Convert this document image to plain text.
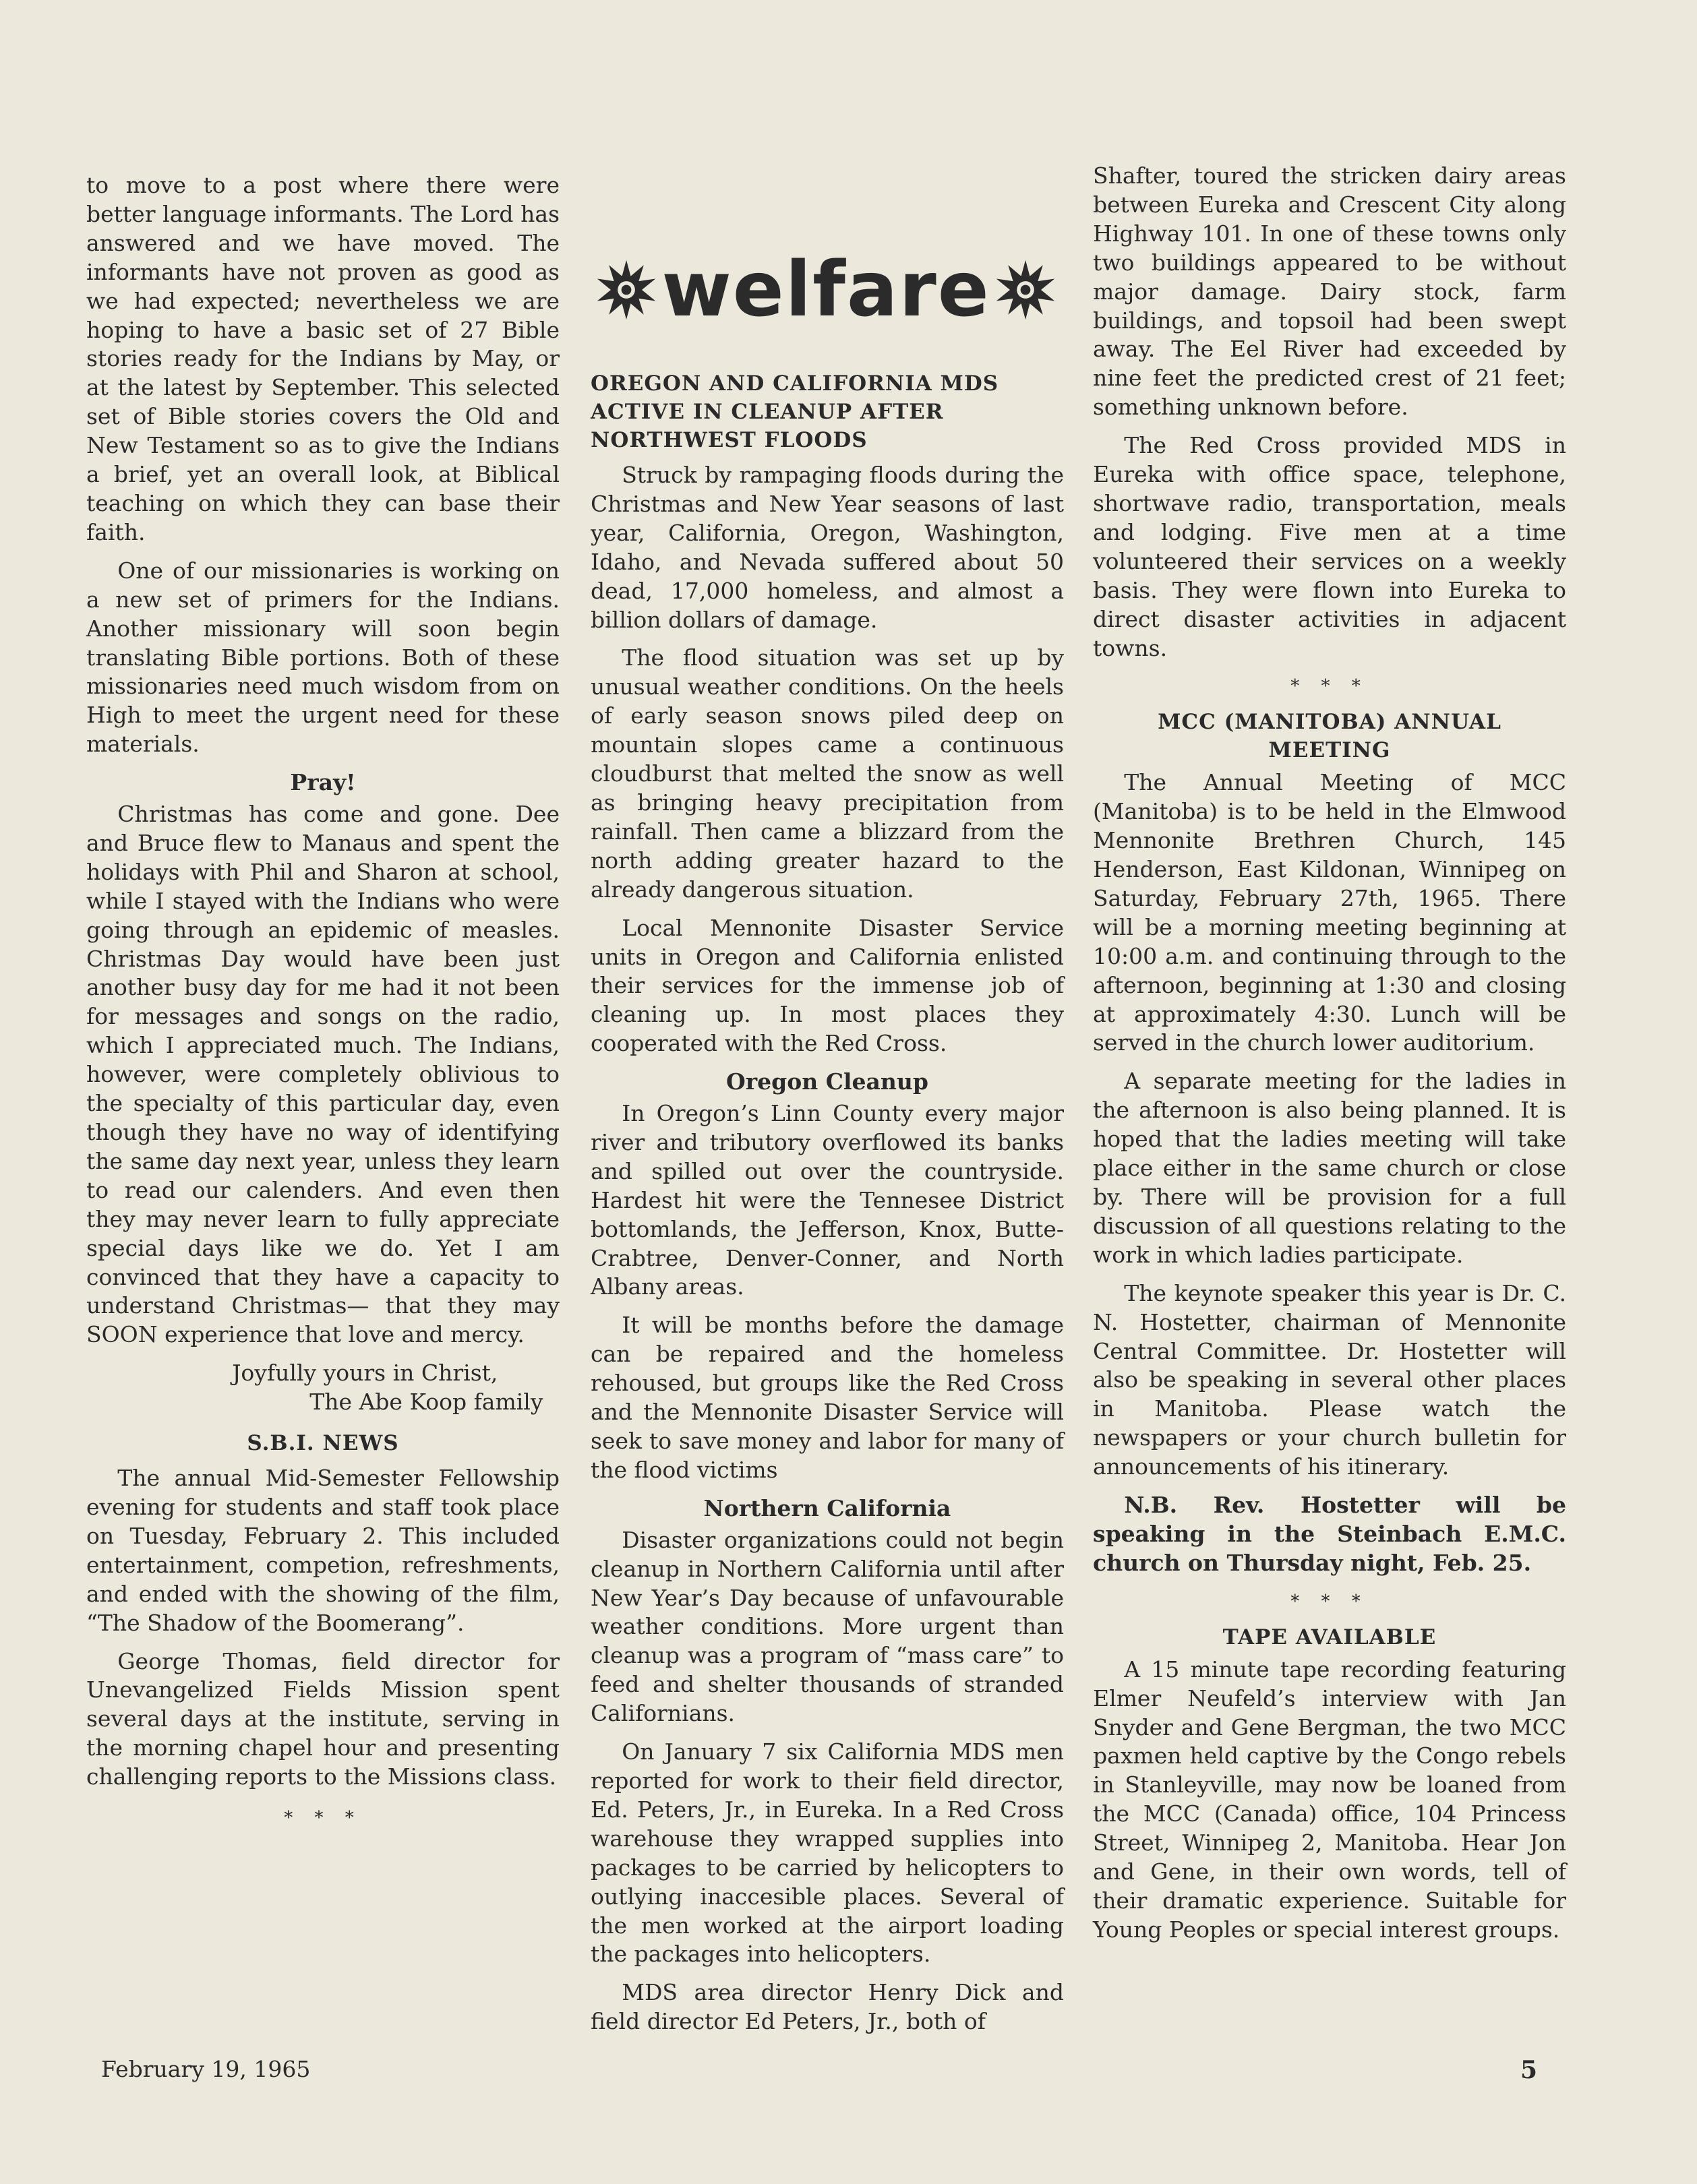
to move to a post where there were better language informants. The Lord has answered and we have moved. The informants have not proven as good as we had expected; nevertheless we are hoping to have a basic set of 27 Bible stories ready for the Indians by May, or at the latest by September. This selected set of Bible stories covers the Old and New Testament so as to give the Indians a brief, yet an overall look, at Biblical teaching on which they can base their faith.

One of our missionaries is working on a new set of primers for the Indians. Another missionary will soon begin translating Bible portions. Both of these missionaries need much wisdom from on High to meet the urgent need for these materials.

Pray!

Christmas has come and gone. Dee and Bruce flew to Manaus and spent the holidays with Phil and Sharon at school, while I stayed with the Indians who were going through an epidemic of measles. Christmas Day would have been just another busy day for me had it not been for messages and songs on the radio, which I appreciated much. The Indians, however, were completely oblivious to the specialty of this particular day, even though they have no way of identifying the same day next year, unless they learn to read our calenders. And even then they may never learn to fully appreciate special days like we do. Yet I am convinced that they have a capacity to understand Christmas— that they may SOON experience that love and mercy.

Joyfully yours in Christ,
The Abe Koop family

S.B.I. NEWS

The annual Mid-Semester Fellowship evening for students and staff took place on Tuesday, February 2. This included entertainment, competion, refreshments, and ended with the showing of the film, “The Shadow of the Boomerang”.

George Thomas, field director for Unevangelized Fields Mission spent several days at the institute, serving in the morning chapel hour and presenting challenging reports to the Missions class.

* * *
welfare
OREGON AND CALIFORNIA MDS ACTIVE IN CLEANUP AFTER NORTHWEST FLOODS

Struck by rampaging floods during the Christmas and New Year seasons of last year, California, Oregon, Washington, Idaho, and Nevada suffered about 50 dead, 17,000 homeless, and almost a billion dollars of damage.

The flood situation was set up by unusual weather conditions. On the heels of early season snows piled deep on mountain slopes came a continuous cloudburst that melted the snow as well as bringing heavy precipitation from rainfall. Then came a blizzard from the north adding greater hazard to the already dangerous situation.

Local Mennonite Disaster Service units in Oregon and California enlisted their services for the immense job of cleaning up. In most places they cooperated with the Red Cross.

Oregon Cleanup

In Oregon’s Linn County every major river and tributory overflowed its banks and spilled out over the countryside. Hardest hit were the Tennesee District bottomlands, the Jefferson, Knox, Butte-Crabtree, Denver-Conner, and North Albany areas.

It will be months before the damage can be repaired and the homeless rehoused, but groups like the Red Cross and the Mennonite Disaster Service will seek to save money and labor for many of the flood victims

Northern California

Disaster organizations could not begin cleanup in Northern California until after New Year’s Day because of unfavourable weather conditions. More urgent than cleanup was a program of “mass care” to feed and shelter thousands of stranded Californians.

On January 7 six California MDS men reported for work to their field director, Ed. Peters, Jr., in Eureka. In a Red Cross warehouse they wrapped supplies into packages to be carried by helicopters to outlying inaccesible places. Several of the men worked at the airport loading the packages into helicopters.

MDS area director Henry Dick and field director Ed Peters, Jr., both of

Shafter, toured the stricken dairy areas between Eureka and Crescent City along Highway 101. In one of these towns only two buildings appeared to be without major damage. Dairy stock, farm buildings, and topsoil had been swept away. The Eel River had exceeded by nine feet the predicted crest of 21 feet; something unknown before.

The Red Cross provided MDS in Eureka with office space, telephone, shortwave radio, transportation, meals and lodging. Five men at a time volunteered their services on a weekly basis. They were flown into Eureka to direct disaster activities in adjacent towns.

* * *
MCC (MANITOBA) ANNUAL MEETING

The Annual Meeting of MCC (Manitoba) is to be held in the Elmwood Mennonite Brethren Church, 145 Henderson, East Kildonan, Winnipeg on Saturday, February 27th, 1965. There will be a morning meeting beginning at 10:00 a.m. and continuing through to the afternoon, beginning at 1:30 and closing at approximately 4:30. Lunch will be served in the church lower auditorium.

A separate meeting for the ladies in the afternoon is also being planned. It is hoped that the ladies meeting will take place either in the same church or close by. There will be provision for a full discussion of all questions relating to the work in which ladies participate.

The keynote speaker this year is Dr. C. N. Hostetter, chairman of Mennonite Central Committee. Dr. Hostetter will also be speaking in several other places in Manitoba. Please watch the newspapers or your church bulletin for announcements of his itinerary.

N.B. Rev. Hostetter will be speaking in the Steinbach E.M.C. church on Thursday night, Feb. 25.

* * *
TAPE AVAILABLE

A 15 minute tape recording featuring Elmer Neufeld’s interview with Jan Snyder and Gene Bergman, the two MCC paxmen held captive by the Congo rebels in Stanleyville, may now be loaned from the MCC (Canada) office, 104 Princess Street, Winnipeg 2, Manitoba. Hear Jon and Gene, in their own words, tell of their dramatic experience. Suitable for Young Peoples or special interest groups.

February 19, 1965	5
